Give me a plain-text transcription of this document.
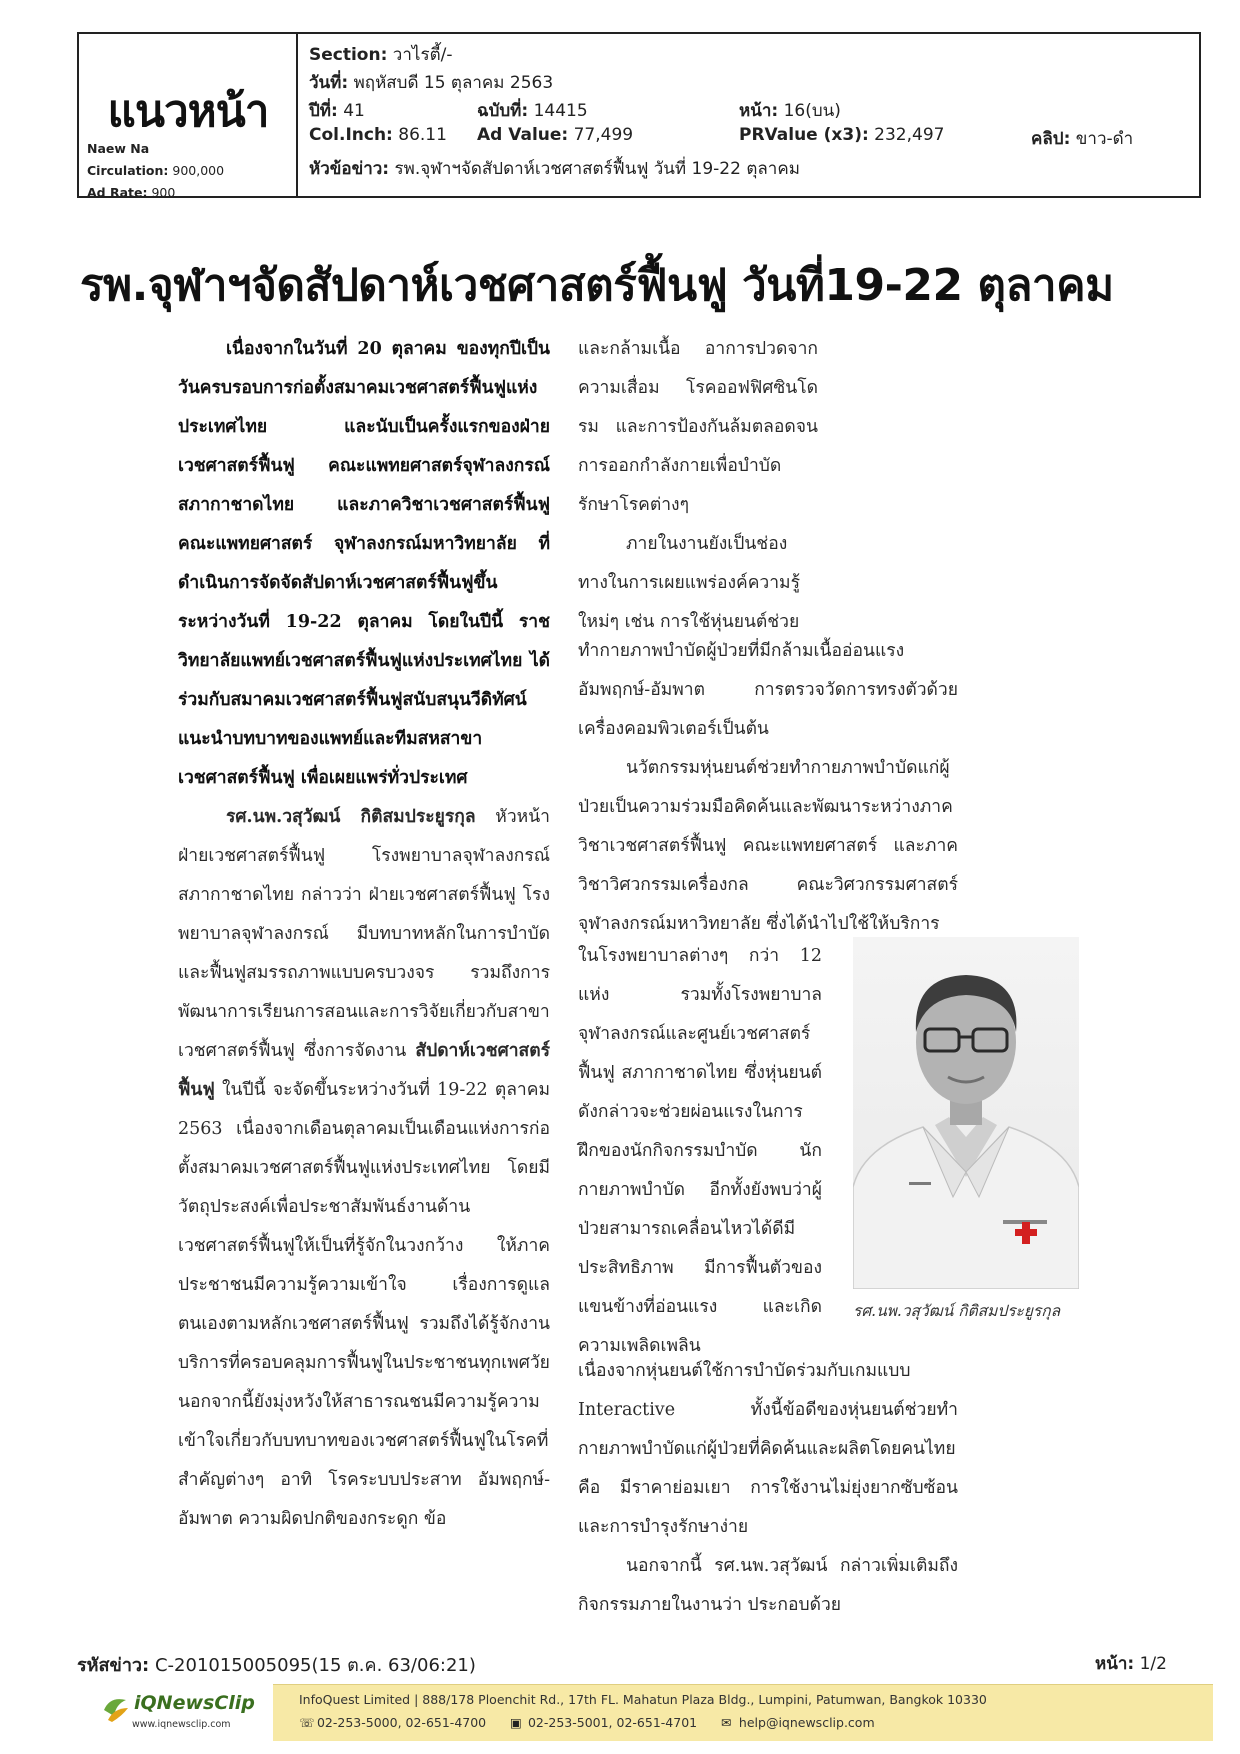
แนวหน้า
Naew Na
Circulation: 900,000
Ad Rate: 900
Section: วาไรตี้/-
วันที่: พฤหัสบดี 15 ตุลาคม 2563
ปีที่: 41	ฉบับที่: 14415	หน้า: 16(บน)
Col.Inch: 86.11 Ad Value: 77,499	PRValue (x3): 232,497	คลิป: ขาว-ดำ
หัวข้อข่าว: รพ.จุฬาฯจัดสัปดาห์เวชศาสตร์ฟื้นฟู วันที่ 19-22 ตุลาคม
รพ.จุฬาฯจัดสัปดาห์เวชศาสตร์ฟื้นฟู วันที่19-22 ตุลาคม

เนื่องจากในวันที่ 20 ตุลาคม ของทุกปีเป็นวันครบรอบการก่อตั้งสมาคมเวชศาสตร์ฟื้นฟูแห่งประเทศไทย และนับเป็นครั้งแรกของฝ่ายเวชศาสตร์ฟื้นฟู คณะแพทยศาสตร์จุฬาลงกรณ์ สภากาชาดไทย และภาควิชาเวชศาสตร์ฟื้นฟู คณะแพทยศาสตร์ จุฬาลงกรณ์มหาวิทยาลัย ที่ดำเนินการจัดจัดสัปดาห์เวชศาสตร์ฟื้นฟูขึ้น ระหว่างวันที่ 19-22 ตุลาคม โดยในปีนี้ ราชวิทยาลัยแพทย์เวชศาสตร์ฟื้นฟูแห่งประเทศไทย ได้ร่วมกับสมาคมเวชศาสตร์ฟื้นฟูสนับสนุนวีดิทัศน์แนะนำบทบาทของแพทย์และทีมสหสาขาเวชศาสตร์ฟื้นฟู เพื่อเผยแพร่ทั่วประเทศ

รศ.นพ.วสุวัฒน์ กิติสมประยูรกุล หัวหน้าฝ่ายเวชศาสตร์ฟื้นฟู โรงพยาบาลจุฬาลงกรณ์ สภากาชาดไทย กล่าวว่า ฝ่ายเวชศาสตร์ฟื้นฟู โรงพยาบาลจุฬาลงกรณ์ มีบทบาทหลักในการบำบัดและฟื้นฟูสมรรถภาพแบบครบวงจร รวมถึงการพัฒนาการเรียนการสอนและการวิจัยเกี่ยวกับสาขาเวชศาสตร์ฟื้นฟู ซึ่งการจัดงาน สัปดาห์เวชศาสตร์ฟื้นฟู ในปีนี้ จะจัดขึ้นระหว่างวันที่ 19-22 ตุลาคม 2563 เนื่องจากเดือนตุลาคมเป็นเดือนแห่งการก่อตั้งสมาคมเวชศาสตร์ฟื้นฟูแห่งประเทศไทย โดยมีวัตถุประสงค์เพื่อประชาสัมพันธ์งานด้านเวชศาสตร์ฟื้นฟูให้เป็นที่รู้จักในวงกว้าง ให้ภาคประชาชนมีความรู้ความเข้าใจ เรื่องการดูแลตนเองตามหลักเวชศาสตร์ฟื้นฟู รวมถึงได้รู้จักงานบริการที่ครอบคลุมการฟื้นฟูในประชาชนทุกเพศวัย นอกจากนี้ยังมุ่งหวังให้สาธารณชนมีความรู้ความเข้าใจเกี่ยวกับบทบาทของเวชศาสตร์ฟื้นฟูในโรคที่สำคัญต่างๆ อาทิ โรคระบบประสาท อัมพฤกษ์-อัมพาต ความผิดปกติของกระดูก ข้อ

และกล้ามเนื้อ อาการปวดจากความเสื่อม โรคออฟฟิศซินโดรม และการป้องกันล้มตลอดจนการออกกำลังกายเพื่อบำบัดรักษาโรคต่างๆ

ภายในงานยังเป็นช่องทางในการเผยแพร่องค์ความรู้ใหม่ๆ เช่น การใช้หุ่นยนต์ช่วย

ทำกายภาพบำบัดผู้ป่วยที่มีกล้ามเนื้ออ่อนแรง อัมพฤกษ์-อัมพาต การตรวจวัดการทรงตัวด้วยเครื่องคอมพิวเตอร์เป็นต้น

นวัตกรรมหุ่นยนต์ช่วยทำกายภาพบำบัดแก่ผู้ป่วยเป็นความร่วมมือคิดค้นและพัฒนาระหว่างภาควิชาเวชศาสตร์ฟื้นฟู คณะแพทยศาสตร์ และภาควิชาวิศวกรรมเครื่องกล คณะวิศวกรรมศาสตร์ จุฬาลงกรณ์มหาวิทยาลัย ซึ่งได้นำไปใช้ให้บริการ

ในโรงพยาบาลต่างๆ กว่า 12 แห่ง รวมทั้งโรงพยาบาลจุฬาลงกรณ์และศูนย์เวชศาสตร์ฟื้นฟู สภากาชาดไทย ซึ่งหุ่นยนต์ดังกล่าวจะช่วยผ่อนแรงในการฝึกของนักกิจกรรมบำบัด นักกายภาพบำบัด อีกทั้งยังพบว่าผู้ป่วยสามารถเคลื่อนไหวได้ดีมีประสิทธิภาพ มีการฟื้นตัวของแขนข้างที่อ่อนแรง และเกิดความเพลิดเพลิน

รศ.นพ.วสุวัฒน์ กิติสมประยูรกุล

เนื่องจากหุ่นยนต์ใช้การบำบัดร่วมกับเกมแบบ Interactive ทั้งนี้ข้อดีของหุ่นยนต์ช่วยทำกายภาพบำบัดแก่ผู้ป่วยที่คิดค้นและผลิตโดยคนไทยคือ มีราคาย่อมเยา การใช้งานไม่ยุ่งยากซับซ้อน และการบำรุงรักษาง่าย

นอกจากนี้ รศ.นพ.วสุวัฒน์ กล่าวเพิ่มเติมถึงกิจกรรมภายในงานว่า ประกอบด้วย

รหัสข่าว: C-201015005095(15 ต.ค. 63/06:21)	หน้า: 1/2
iQNewsClip
www.iqnewsclip.com
InfoQuest Limited | 888/178 Ploenchit Rd., 17th FL. Mahatun Plaza Bldg., Lumpini, Patumwan, Bangkok 10330
☏ 02-253-5000, 02-651-4700 ▣ 02-253-5001, 02-651-4701 ✉ help@iqnewsclip.com
